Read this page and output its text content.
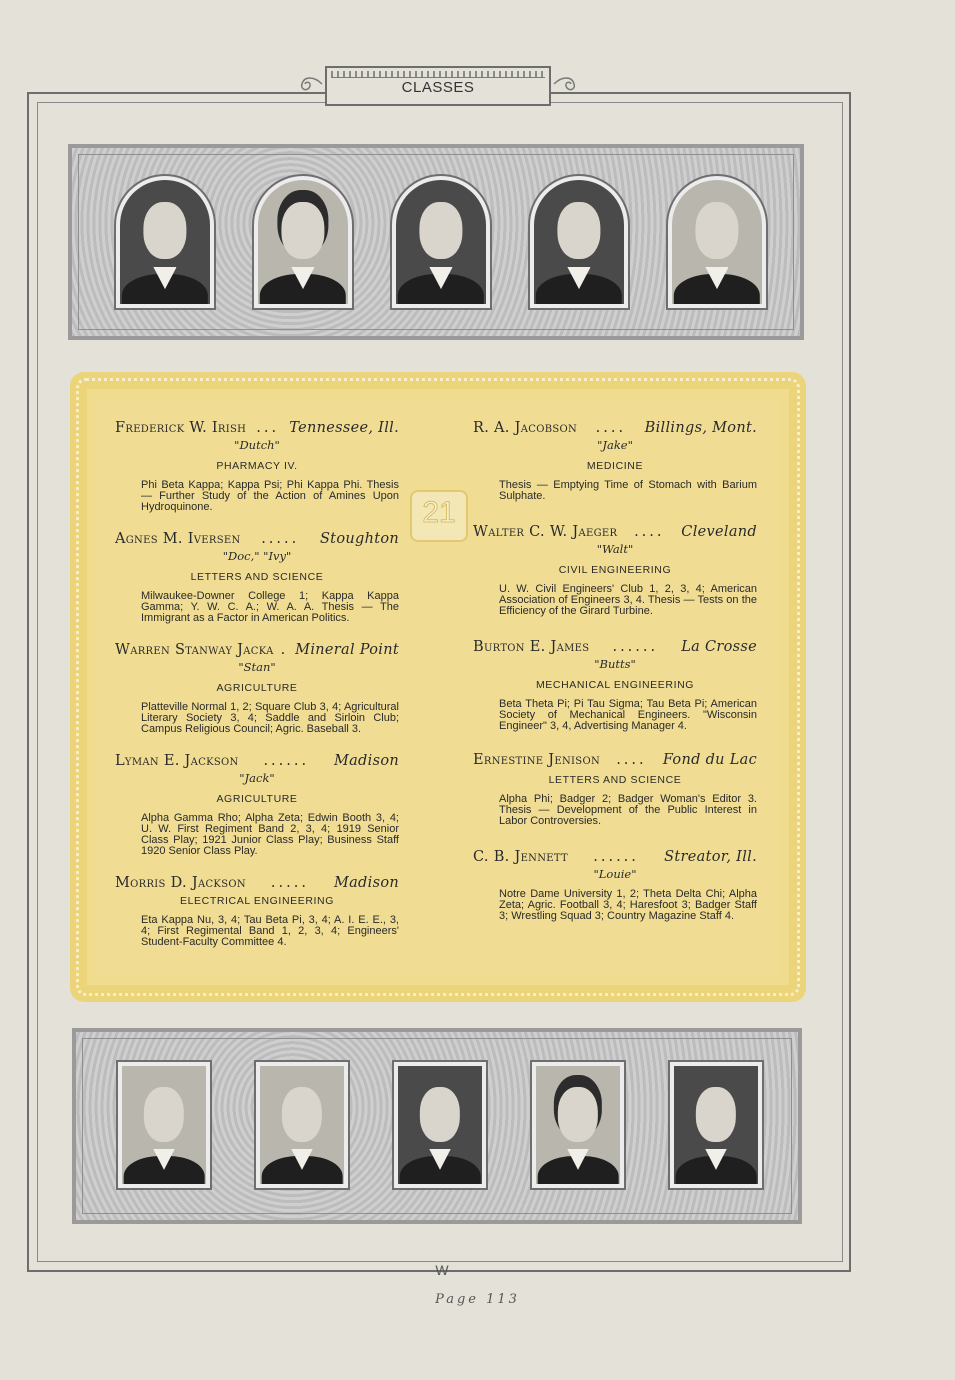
CLASSES
21
Frederick W. Irish ... Tennessee, Ill.
"Dutch"
PHARMACY IV.
Phi Beta Kappa; Kappa Psi; Phi Kappa Phi. Thesis — Further Study of the Action of Amines Upon Hydroquinone.
Agnes M. Iversen	.....	Stoughton
"Doc," "Ivy"
LETTERS AND SCIENCE
Milwaukee-Downer College 1; Kappa Kappa Gamma; Y. W. C. A.; W. A. A. Thesis — The Immigrant as a Factor in American Politics.
Warren Stanway Jacka . Mineral Point
"Stan"
AGRICULTURE
Platteville Normal 1, 2; Square Club 3, 4; Agricultural Literary Society 3, 4; Saddle and Sirloin Club; Campus Religious Council; Agric. Baseball 3.
Lyman E. Jackson	......	Madison
"Jack"
AGRICULTURE
Alpha Gamma Rho; Alpha Zeta; Edwin Booth 3, 4; U. W. First Regiment Band 2, 3, 4; 1919 Senior Class Play; 1921 Junior Class Play; Business Staff 1920 Senior Class Play.
Morris D. Jackson	.....	Madison
ELECTRICAL ENGINEERING
Eta Kappa Nu, 3, 4; Tau Beta Pi, 3, 4; A. I. E. E., 3, 4; First Regimental Band 1, 2, 3, 4; Engineers' Student-Faculty Committee 4.
R. A. Jacobson	....	Billings, Mont.
"Jake"
MEDICINE
Thesis — Emptying Time of Stomach with Barium Sulphate.
Walter C. W. Jaeger	....	Cleveland
"Walt"
CIVIL ENGINEERING
U. W. Civil Engineers' Club 1, 2, 3, 4; American Association of Engineers 3, 4. Thesis — Tests on the Efficiency of the Girard Turbine.
Burton E. James	......	La Crosse
"Butts"
MECHANICAL ENGINEERING
Beta Theta Pi; Pi Tau Sigma; Tau Beta Pi; American Society of Mechanical Engineers. "Wisconsin Engineer" 3, 4, Advertising Manager 4.
Ernestine Jenison	....	Fond du Lac
LETTERS AND SCIENCE
Alpha Phi; Badger 2; Badger Woman's Editor 3. Thesis — Development of the Public Interest in Labor Controversies.
C. B. Jennett	......	Streator, Ill.
"Louie"
Notre Dame University 1, 2; Theta Delta Chi; Alpha Zeta; Agric. Football 3, 4; Haresfoot 3; Badger Staff 3; Wrestling Squad 3; Country Magazine Staff 4.
W
Page 113
